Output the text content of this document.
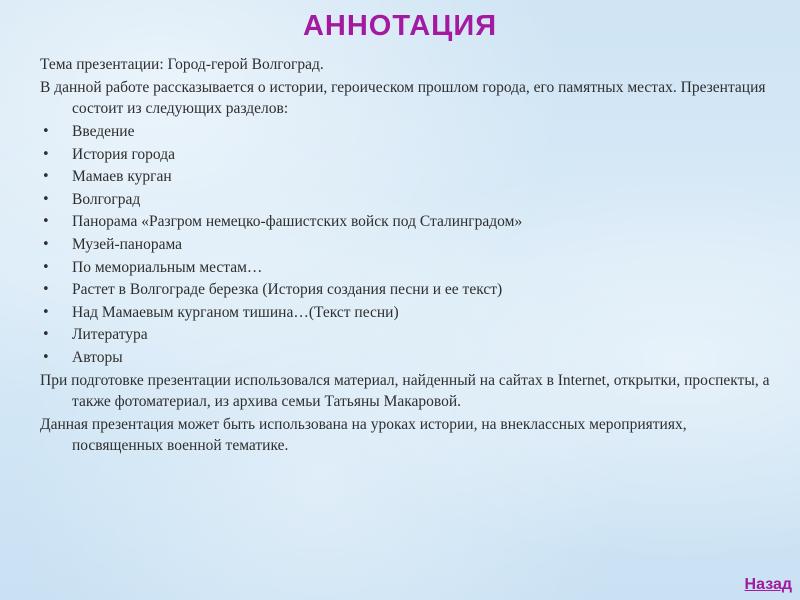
АННОТАЦИЯ

Тема презентации: Город-герой Волгоград.

В данной работе рассказывается о истории, героическом прошлом города, его памятных местах. Презентация состоит из следующих разделов:

• Введение
• История города
• Мамаев курган
• Волгоград
• Панорама «Разгром немецко-фашистских войск под Сталинградом»
• Музей-панорама
• По мемориальным местам…
• Растет в Волгограде березка (История создания песни и ее текст)
• Над Мамаевым курганом тишина…(Текст песни)
• Литература
• Авторы

При подготовке презентации использовался материал, найденный на сайтах в Internet, открытки, проспекты, а также фотоматериал, из архива семьи Татьяны Макаровой.

Данная презентация может быть использована на уроках истории, на внеклассных мероприятиях, посвященных военной тематике.

Назад
